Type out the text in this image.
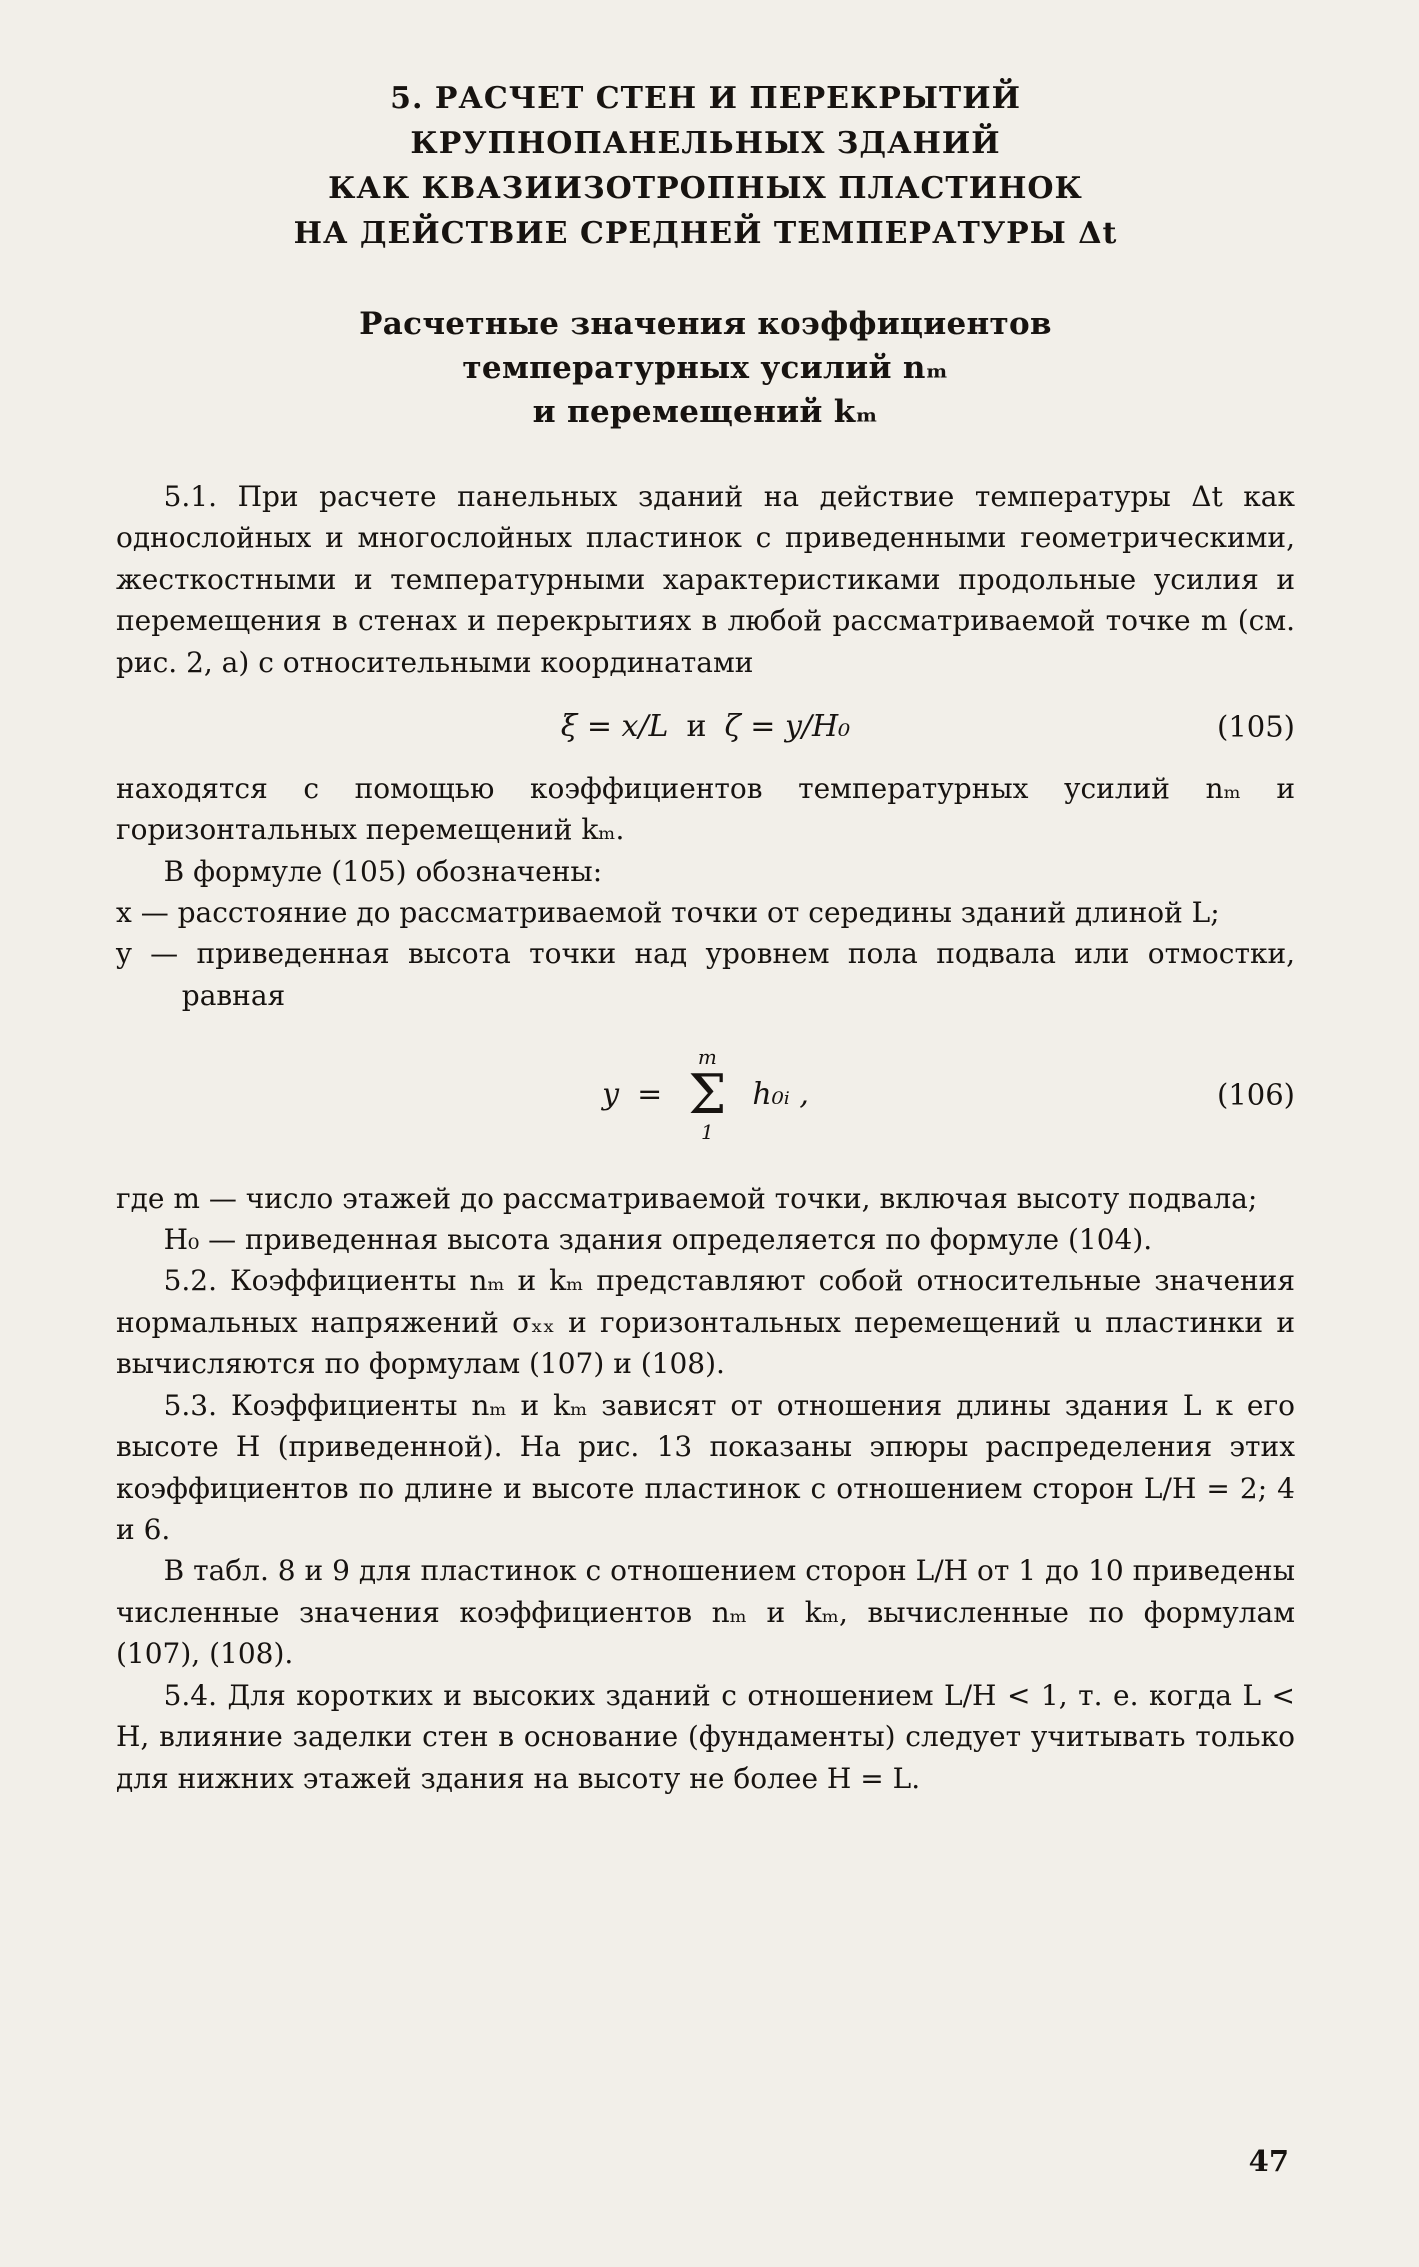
5. РАСЧЕТ СТЕН И ПЕРЕКРЫТИЙ
КРУПНОПАНЕЛЬНЫХ ЗДАНИЙ
КАК КВАЗИИЗОТРОПНЫХ ПЛАСТИНОК
НА ДЕЙСТВИЕ СРЕДНЕЙ ТЕМПЕРАТУРЫ Δt
Расчетные значения коэффициентов
температурных усилий nₘ
и перемещений kₘ

5.1. При расчете панельных зданий на действие температуры Δt как однослойных и многослойных пластинок с приведенными геометрическими, жесткостными и температурными характеристиками продольные усилия и перемещения в стенах и перекрытиях в любой рассматриваемой точке m (см. рис. 2, а) с относительными координатами

ξ = x/L и ζ = y/H₀	(105)

находятся с помощью коэффициентов температурных усилий nₘ и горизонтальных перемещений kₘ.

В формуле (105) обозначены:

x — расстояние до рассматриваемой точки от середины зданий длиной L;

y — приведенная высота точки над уровнем пола подвала или отмостки, равная

y =
m
Σ
1
h₀ᵢ ,	(106)

где m — число этажей до рассматриваемой точки, включая высоту подвала;

H₀ — приведенная высота здания определяется по формуле (104).

5.2. Коэффициенты nₘ и kₘ представляют собой относительные значения нормальных напряжений σₓₓ и горизонтальных перемещений u пластинки и вычисляются по формулам (107) и (108).

5.3. Коэффициенты nₘ и kₘ зависят от отношения длины здания L к его высоте H (приведенной). На рис. 13 показаны эпюры распределения этих коэффициентов по длине и высоте пластинок с отношением сторон L/H = 2; 4 и 6.

В табл. 8 и 9 для пластинок с отношением сторон L/H от 1 до 10 приведены численные значения коэффициентов nₘ и kₘ, вычисленные по формулам (107), (108).

5.4. Для коротких и высоких зданий с отношением L/H < 1, т. е. когда L < H, влияние заделки стен в основание (фундаменты) следует учитывать только для нижних этажей здания на высоту не более H = L.

47
